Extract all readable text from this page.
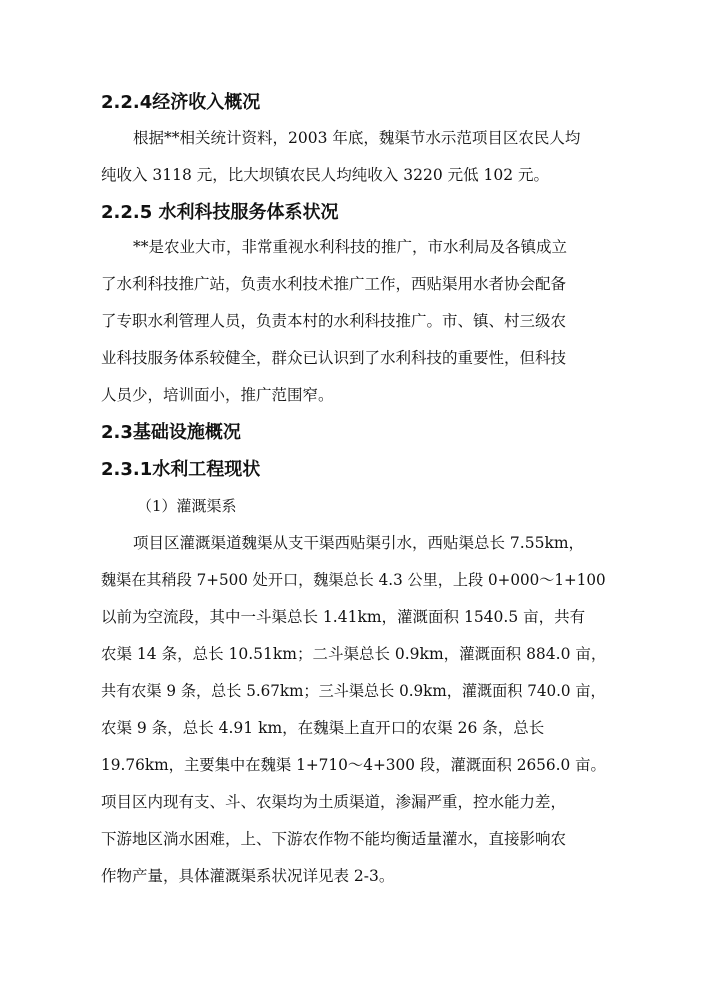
2.2.4经济收入概况
根据**相关统计资料，2003 年底，魏渠节水示范项目区农民人均
纯收入 3118 元，比大坝镇农民人均纯收入 3220 元低 102 元。
2.2.5 水利科技服务体系状况
**是农业大市，非常重视水利科技的推广，市水利局及各镇成立
了水利科技推广站，负责水利技术推广工作，西贴渠用水者协会配备
了专职水利管理人员，负责本村的水利科技推广。市、镇、村三级农
业科技服务体系较健全，群众已认识到了水利科技的重要性，但科技
人员少，培训面小，推广范围窄。
2.3基础设施概况
2.3.1水利工程现状
（1）灌溉渠系
项目区灌溉渠道魏渠从支干渠西贴渠引水，西贴渠总长 7.55km，
魏渠在其稍段 7+500 处开口，魏渠总长 4.3 公里，上段 0+000～1+100
以前为空流段，其中一斗渠总长 1.41km，灌溉面积 1540.5 亩，共有
农渠 14 条，总长 10.51km；二斗渠总长 0.9km，灌溉面积 884.0 亩，
共有农渠 9 条，总长 5.67km；三斗渠总长 0.9km，灌溉面积 740.0 亩，
农渠 9 条，总长 4.91 km，在魏渠上直开口的农渠 26 条，总长
19.76km，主要集中在魏渠 1+710～4+300 段，灌溉面积 2656.0 亩。
项目区内现有支、斗、农渠均为土质渠道，渗漏严重，控水能力差，
下游地区淌水困难，上、下游农作物不能均衡适量灌水，直接影响农
作物产量，具体灌溉渠系状况详见表 2-3。
